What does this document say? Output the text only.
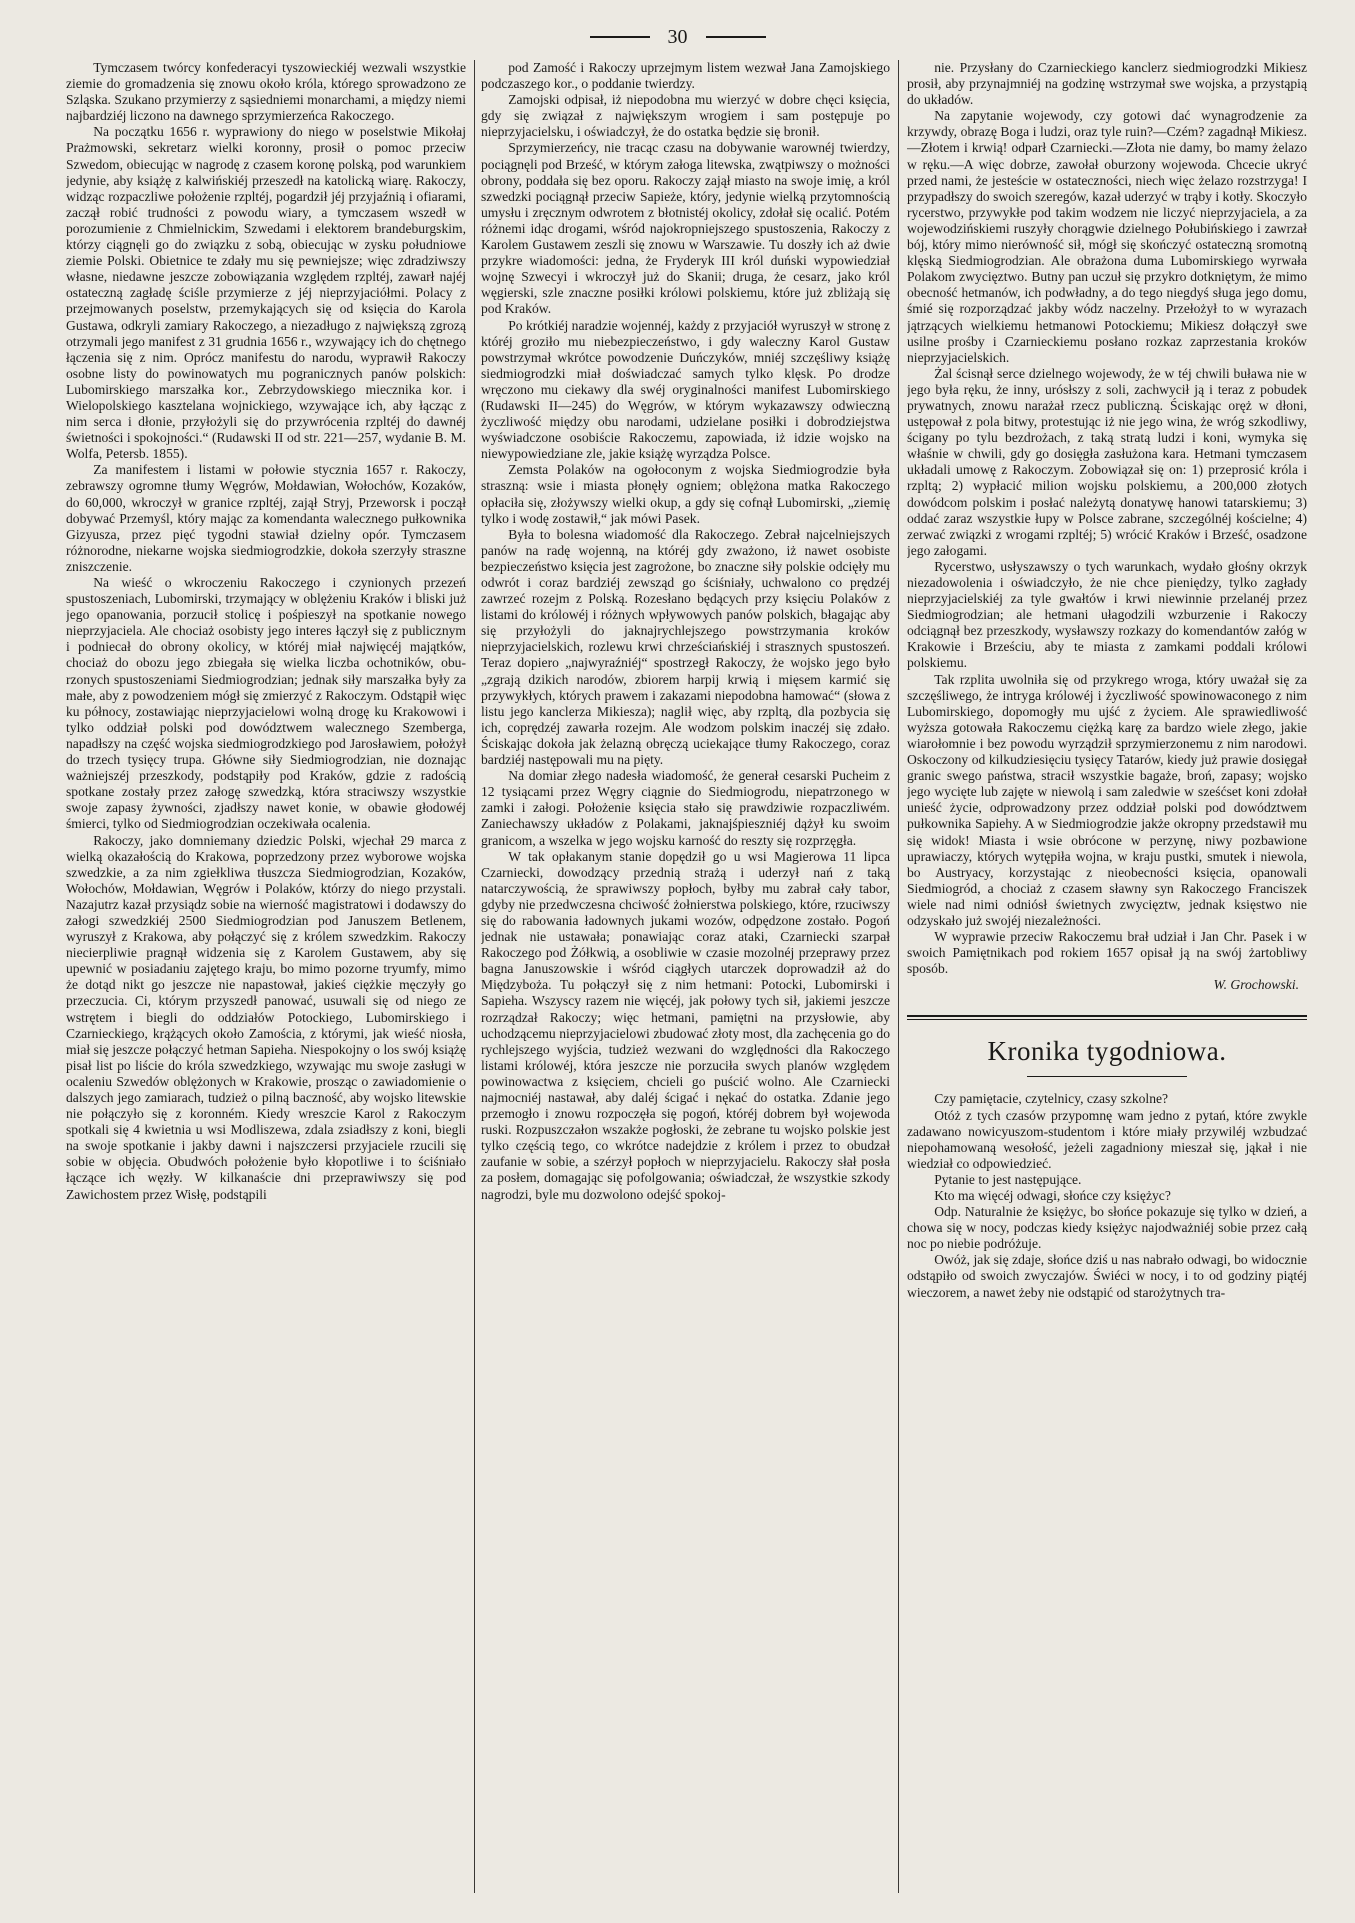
30

Tymczasem twórcy konfederacyi tyszowieckiéj wezwali wszystkie ziemie do gromadzenia się znowu około króla, którego sprowadzono ze Szląska. Szukano przymierzy z sąsiedniemi monarchami, a między niemi najbardziéj liczono na dawnego sprzymierzeńca Rakoczego.

Na początku 1656 r. wyprawiony do niego w poselstwie Mikołaj Prażmowski, sekretarz wielki koronny, prosił o pomoc przeciw Szwedom, obiecując w nagrodę z czasem koronę polską, pod warunkiem jedynie, aby książę z kalwińskiéj przeszedł na katolicką wiarę. Rakoczy, widząc rozpaczliwe położenie rzpltéj, pogardził jéj przyjaźnią i ofiarami, zaczął robić trudności z powodu wiary, a tymczasem wszedł w porozumienie z Chmielnickim, Szwedami i elektorem brandeburgskim, którzy ciągnęli go do związku z sobą, obiecując w zysku południowe ziemie Polski. Obietnice te zdały mu się pewniejsze; więc zdradziwszy własne, niedawne jeszcze zobowiązania względem rzpltéj, zawarł najéj ostateczną zagładę ściśle przymierze z jéj nieprzyjaciółmi. Polacy z przejmowanych poselstw, przemykających się od księcia do Karola Gustawa, odkryli zamiary Rakoczego, a niezadługo z największą zgrozą otrzymali jego manifest z 31 grudnia 1656 r., wzywający ich do chętnego łączenia się z nim. Oprócz manifestu do narodu, wyprawił Rakoczy osobne listy do powinowatych mu pogranicznych panów polskich: Lubomirskiego marszałka kor., Zebrzydowskiego miecznika kor. i Wielopolskiego kasztelana wojnickiego, wzywające ich, aby łącząc z nim serca i dłonie, przyłożyli się do przywrócenia rzpltéj do dawnéj świetności i spokojności.“ (Rudawski II od str. 221—257, wydanie B. M. Wolfa, Petersb. 1855).

Za manifestem i listami w połowie stycznia 1657 r. Rakoczy, zebrawszy ogromne tłumy Węgrów, Mołdawian, Wołochów, Kozaków, do 60,000, wkroczył w granice rzpltéj, zajął Stryj, Przeworsk i począł dobywać Przemyśl, który mając za komendanta walecznego pułkownika Gizyusza, przez pięć tygodni stawiał dzielny opór. Tymczasem różnorodne, niekarne wojska siedmiogrodzkie, dokoła szerzyły straszne zniszczenie.

Na wieść o wkroczeniu Rakoczego i czynionych przezeń spustoszeniach, Lubomirski, trzymający w oblężeniu Kraków i bliski już jego opanowania, porzucił stolicę i pośpieszył na spotkanie nowego nieprzyjaciela. Ale chociaż osobisty jego interes łączył się z publicznym i podniecał do obrony okolicy, w któréj miał najwięcéj majątków, chociaż do obozu jego zbiegała się wielka liczba ochotników, oburzonych spustoszeniami Siedmiogrodzian; jednak siły marszałka były za małe, aby z powodzeniem mógł się zmierzyć z Rakoczym. Odstąpił więc ku północy, zostawiając nieprzyjacielowi wolną drogę ku Krakowowi i tylko oddział polski pod dowództwem walecznego Szemberga, napadłszy na część wojska siedmiogrodzkiego pod Jarosławiem, położył do trzech tysięcy trupa. Główne siły Siedmiogrodzian, nie doznając ważniejszéj przeszkody, podstąpiły pod Kraków, gdzie z radością spotkane zostały przez załogę szwedzką, która straciwszy wszystkie swoje zapasy żywności, zjadłszy nawet konie, w obawie głodowéj śmierci, tylko od Siedmiogrodzian oczekiwała ocalenia.

Rakoczy, jako domniemany dziedzic Polski, wjechał 29 marca z wielką okazałością do Krakowa, poprzedzony przez wyborowe wojska szwedzkie, a za nim zgiełkliwa tłuszcza Siedmiogrodzian, Kozaków, Wołochów, Mołdawian, Węgrów i Polaków, którzy do niego przystali. Nazajutrz kazał przysiądz sobie na wierność magistratowi i dodawszy do załogi szwedzkiéj 2500 Siedmiogrodzian pod Januszem Betlenem, wyruszył z Krakowa, aby połączyć się z królem szwedzkim. Rakoczy niecierpliwie pragnął widzenia się z Karolem Gustawem, aby się upewnić w posiadaniu zajętego kraju, bo mimo pozorne tryumfy, mimo że dotąd nikt go jeszcze nie napastował, jakieś ciężkie męczyły go przeczucia. Ci, którym przyszedł panować, usuwali się od niego ze wstrętem i biegli do oddziałów Potockiego, Lubomirskiego i Czarnieckiego, krążących około Zamościa, z którymi, jak wieść niosła, miał się jeszcze połączyć hetman Sapieha. Niespokojny o los swój książę pisał list po liście do króla szwedzkiego, wzywając mu swoje zasługi w ocaleniu Szwedów oblężonych w Krakowie, prosząc o zawiadomienie o dalszych jego zamiarach, tudzież o pilną baczność, aby wojsko litewskie nie połączyło się z koronném. Kiedy wreszcie Karol z Rakoczym spotkali się 4 kwietnia u wsi Modliszewa, zdala zsiadłszy z koni, biegli na swoje spotkanie i jakby dawni i najszczersi przyjaciele rzucili się sobie w objęcia. Obudwóch położenie było kłopotliwe i to ściśniało łączące ich węzły. W kilkanaście dni przeprawiwszy się pod Zawichostem przez Wisłę, podstąpili

pod Zamość i Rakoczy uprzejmym listem wezwał Jana Zamojskiego podczaszego kor., o poddanie twierdzy.

Zamojski odpisał, iż niepodobna mu wierzyć w dobre chęci księcia, gdy się związał z największym wrogiem i sam postępuje po nieprzyjacielsku, i oświadczył, że do ostatka będzie się bronił.

Sprzymierzeńcy, nie tracąc czasu na dobywanie warownéj twierdzy, pociągnęli pod Brześć, w którym załoga litewska, zwątpiwszy o możności obrony, poddała się bez oporu. Rakoczy zajął miasto na swoje imię, a król szwedzki pociągnął przeciw Sapieże, który, jedynie wielką przytomnością umysłu i zręcznym odwrotem z błotnistéj okolicy, zdołał się ocalić. Potém różnemi idąc drogami, wśród najokropniejszego spustoszenia, Rakoczy z Karolem Gustawem zeszli się znowu w Warszawie. Tu doszły ich aż dwie przykre wiadomości: jedna, że Fryderyk III król duński wypowiedział wojnę Szwecyi i wkroczył już do Skanii; druga, że cesarz, jako król węgierski, szle znaczne posiłki królowi polskiemu, które już zbliżają się pod Kraków.

Po krótkiéj naradzie wojennéj, każdy z przyjaciół wyruszył w stronę z któréj groziło mu niebezpieczeństwo, i gdy waleczny Karol Gustaw powstrzymał wkrótce powodzenie Duńczyków, mniéj szczęśliwy książę siedmiogrodzki miał doświadczać samych tylko klęsk. Po drodze wręczono mu ciekawy dla swéj oryginalności manifest Lubomirskiego (Rudawski II—245) do Węgrów, w którym wykazawszy odwieczną życzliwość między obu narodami, udzielane posiłki i dobrodziejstwa wyświadczone osobiście Rakoczemu, zapowiada, iż idzie wojsko na niewypowiedziane zle, jakie książę wyrządza Polsce.

Zemsta Polaków na ogołoconym z wojska Siedmiogrodzie była straszną: wsie i miasta płonęły ogniem; oblężona matka Rakoczego opłaciła się, złożywszy wielki okup, a gdy się cofnął Lubomirski, „ziemię tylko i wodę zostawił,“ jak mówi Pasek.

Była to bolesna wiadomość dla Rakoczego. Zebrał najcelniejszych panów na radę wojenną, na któréj gdy zważono, iż nawet osobiste bezpieczeństwo księcia jest zagrożone, bo znaczne siły polskie odcięły mu odwrót i coraz bardziéj zewsząd go ściśniały, uchwalono co prędzéj zawrzeć rozejm z Polską. Rozesłano będących przy księciu Polaków z listami do królowéj i różnych wpływowych panów polskich, błagając aby się przyłożyli do jaknajrychlejszego powstrzymania kroków nieprzyjacielskich, rozlewu krwi chrześciańskiéj i strasznych spustoszeń. Teraz dopiero „najwyraźniéj“ spostrzegł Rakoczy, że wojsko jego było „zgrają dzikich narodów, zbiorem harpij krwią i mięsem karmić się przywykłych, których prawem i zakazami niepodobna hamować“ (słowa z listu jego kanclerza Mikiesza); naglił więc, aby rzpltą, dla pozbycia się ich, coprędzéj zawarła rozejm. Ale wodzom polskim inaczéj się zdało. Ściskając dokoła jak żelazną obręczą uciekające tłumy Rakoczego, coraz bardziéj następowali mu na pięty.

Na domiar złego nadesła wiadomość, że generał cesarski Pucheim z 12 tysiącami przez Węgry ciągnie do Siedmiogrodu, niepatrzonego w zamki i załogi. Położenie księcia stało się prawdziwie rozpaczliwém. Zaniechawszy układów z Polakami, jaknajśpieszniéj dążył ku swoim granicom, a wszelka w jego wojsku karność do reszty się rozprzęgła.

W tak opłakanym stanie dopędził go u wsi Magierowa 11 lipca Czarniecki, dowodzący przednią strażą i uderzył nań z taką natarczywością, że sprawiwszy popłoch, byłby mu zabrał cały tabor, gdyby nie przedwczesna chciwość żołnierstwa polskiego, które, rzuciwszy się do rabowania ładownych jukami wozów, odpędzone zostało. Pogoń jednak nie ustawała; ponawiając coraz ataki, Czarniecki szarpał Rakoczego pod Żółkwią, a osobliwie w czasie mozolnéj przeprawy przez bagna Januszowskie i wśród ciągłych utarczek doprowadził aż do Międzyboża. Tu połączył się z nim hetmani: Potocki, Lubomirski i Sapieha. Wszyscy razem nie więcéj, jak połowy tych sił, jakiemi jeszcze rozrządzał Rakoczy; więc hetmani, pamiętni na przysłowie, aby uchodzącemu nieprzyjacielowi zbudować złoty most, dla zachęcenia go do rychlejszego wyjścia, tudzież wezwani do względności dla Rakoczego listami królowéj, która jeszcze nie porzuciła swych planów względem powinowactwa z księciem, chcieli go puścić wolno. Ale Czarniecki najmocniéj nastawał, aby daléj ścigać i nękać do ostatka. Zdanie jego przemogło i znowu rozpoczęła się pogoń, któréj dobrem był wojewoda ruski. Rozpuszczałon wszakże pogłoski, że zebrane tu wojsko polskie jest tylko częścią tego, co wkrótce nadejdzie z królem i przez to obudzał zaufanie w sobie, a szérzył popłoch w nieprzyjacielu. Rakoczy słał posła za posłem, domagając się pofolgowania; oświadczał, że wszystkie szkody nagrodzi, byle mu dozwolono odejść spokoj-

nie. Przysłany do Czarnieckiego kanclerz siedmiogrodzki Mikiesz prosił, aby przynajmniéj na godzinę wstrzymał swe wojska, a przystąpią do układów.

Na zapytanie wojewody, czy gotowi dać wynagrodzenie za krzywdy, obrazę Boga i ludzi, oraz tyle ruin?—Czém? zagadnął Mikiesz.—Złotem i krwią! odparł Czarniecki.—Złota nie damy, bo mamy żelazo w ręku.—A więc dobrze, zawołał oburzony wojewoda. Chcecie ukryć przed nami, że jesteście w ostateczności, niech więc żelazo rozstrzyga! I przypadłszy do swoich szeregów, kazał uderzyć w trąby i kotły. Skoczyło rycerstwo, przywykłe pod takim wodzem nie liczyć nieprzyjaciela, a za wojewodzińskiemi ruszyły chorągwie dzielnego Połubińskiego i zawrzał bój, który mimo nierówność sił, mógł się skończyć ostateczną sromotną klęską Siedmiogrodzian. Ale obrażona duma Lubomirskiego wyrwała Polakom zwycięztwo. Butny pan uczuł się przykro dotkniętym, że mimo obecność hetmanów, ich podwładny, a do tego niegdyś sługa jego domu, śmié się rozporządzać jakby wódz naczelny. Przełożył to w wyrazach jątrzących wielkiemu hetmanowi Potockiemu; Mikiesz dołączył swe usilne prośby i Czarnieckiemu posłano rozkaz zaprzestania kroków nieprzyjacielskich.

Żal ścisnął serce dzielnego wojewody, że w téj chwili buława nie w jego była ręku, że inny, urósłszy z soli, zachwycił ją i teraz z pobudek prywatnych, znowu narażał rzecz publiczną. Ściskając oręż w dłoni, ustępował z pola bitwy, protestując iż nie jego wina, że wróg szkodliwy, ścigany po tylu bezdrożach, z taką stratą ludzi i koni, wymyka się właśnie w chwili, gdy go dosięgła zasłużona kara. Hetmani tymczasem układali umowę z Rakoczym. Zobowiązał się on: 1) przeprosić króla i rzpltą; 2) wypłacić milion wojsku polskiemu, a 200,000 złotych dowódcom polskim i posłać należytą donatywę hanowi tatarskiemu; 3) oddać zaraz wszystkie łupy w Polsce zabrane, szczególnéj kościelne; 4) zerwać związki z wrogami rzpltéj; 5) wrócić Kraków i Brześć, osadzone jego załogami.

Rycerstwo, usłyszawszy o tych warunkach, wydało głośny okrzyk niezadowolenia i oświadczyło, że nie chce pieniędzy, tylko zagłady nieprzyjacielskiéj za tyle gwałtów i krwi niewinnie przelanéj przez Siedmiogrodzian; ale hetmani ułagodzili wzburzenie i Rakoczy odciągnął bez przeszkody, wysławszy rozkazy do komendantów załóg w Krakowie i Brześciu, aby te miasta z zamkami poddali królowi polskiemu.

Tak rzplita uwolniła się od przykrego wroga, który uważał się za szczęśliwego, że intryga królowéj i życzliwość spowinowaconego z nim Lubomirskiego, dopomogły mu ujść z życiem. Ale sprawiedliwość wyższa gotowała Rakoczemu ciężką karę za bardzo wiele złego, jakie wiarołomnie i bez powodu wyrządził sprzymierzonemu z nim narodowi. Oskoczony od kilkudziesięciu tysięcy Tatarów, kiedy już prawie dosięgał granic swego państwa, stracił wszystkie bagaże, broń, zapasy; wojsko jego wycięte lub zajęte w niewolą i sam zaledwie w sześćset koni zdołał unieść życie, odprowadzony przez oddział polski pod dowództwem pułkownika Sapiehy. A w Siedmiogrodzie jakże okropny przedstawił mu się widok! Miasta i wsie obrócone w perzynę, niwy pozbawione uprawiaczy, których wytępiła wojna, w kraju pustki, smutek i niewola, bo Austryacy, korzystając z nieobecności księcia, opanowali Siedmiogród, a chociaż z czasem sławny syn Rakoczego Franciszek wiele nad nimi odniósł świetnych zwycięztw, jednak księstwo nie odzyskało już swojéj niezależności.

W wyprawie przeciw Rakoczemu brał udział i Jan Chr. Pasek i w swoich Pamiętnikach pod rokiem 1657 opisał ją na swój żartobliwy sposób.

W. Grochowski.

Kronika tygodniowa.

Czy pamiętacie, czytelnicy, czasy szkolne?

Otóż z tych czasów przypomnę wam jedno z pytań, które zwykle zadawano nowicyuszom-studentom i które miały przywiléj wzbudzać niepohamowaną wesołość, jeżeli zagadniony mieszał się, jąkał i nie wiedział co odpowiedzieć.

Pytanie to jest następujące.

Kto ma więcéj odwagi, słońce czy księżyc?

Odp. Naturalnie że księżyc, bo słońce pokazuje się tylko w dzień, a chowa się w nocy, podczas kiedy księżyc najodważniéj sobie przez całą noc po niebie podróżuje.

Owóż, jak się zdaje, słońce dziś u nas nabrało odwagi, bo widocznie odstąpiło od swoich zwyczajów. Świéci w nocy, i to od godziny piątéj wieczorem, a nawet żeby nie odstąpić od starożytnych tra-
